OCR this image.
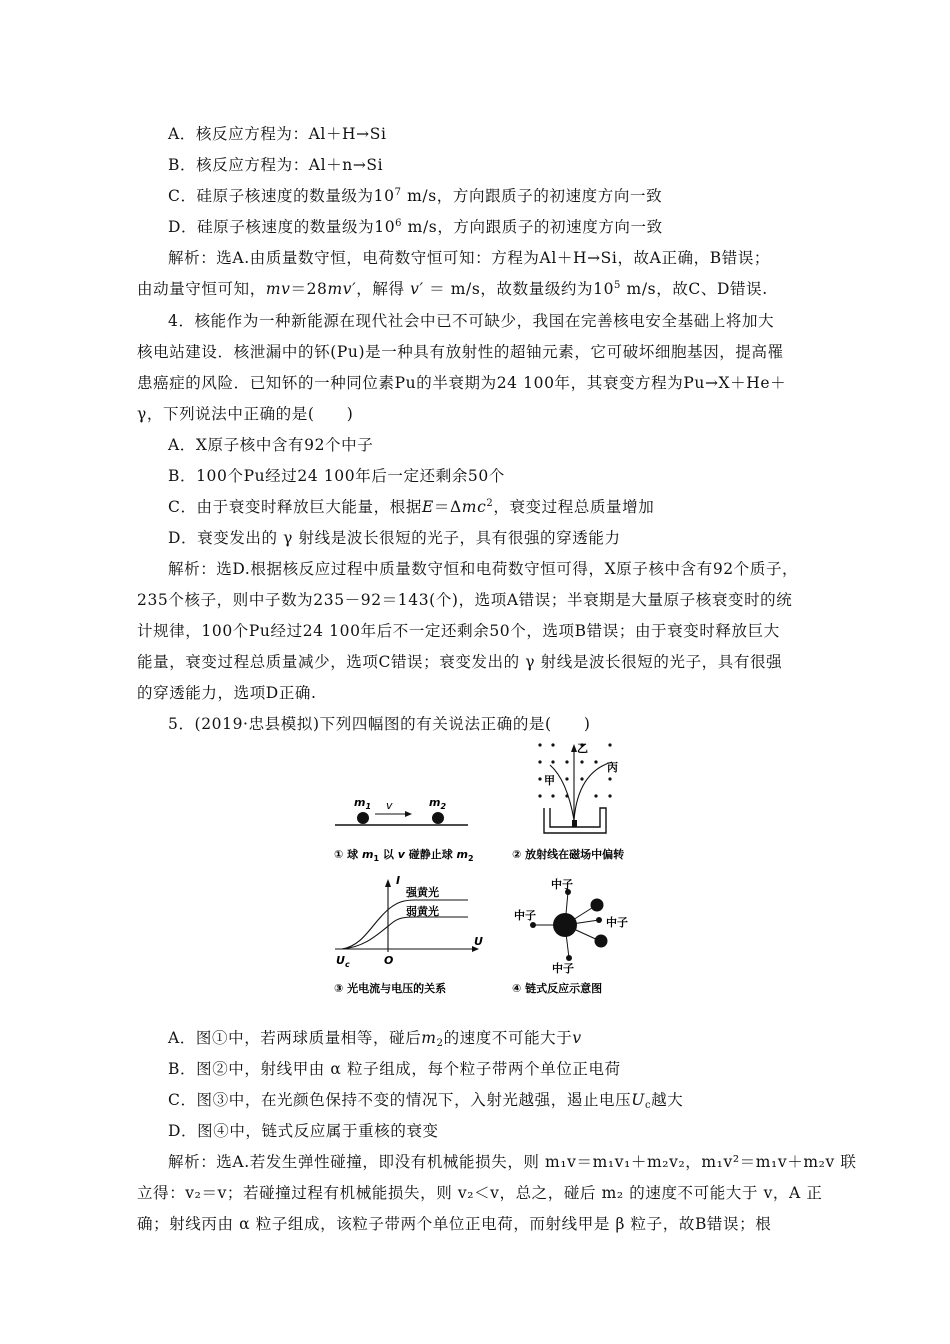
A．核反应方程为：Al＋H→Si
B．核反应方程为：Al＋n→Si
C．硅原子核速度的数量级为$10^7$ m/s，方向跟质子的初速度方向一致
D．硅原子核速度的数量级为$10^6$ m/s，方向跟质子的初速度方向一致
解析：选A.由质量数守恒，电荷数守恒可知：方程为Al＋H→Si，故A正确，B错误；
由动量守恒可知，mv＝28mv′，解得 v′ ＝ m/s，故数量级约为$10^5$ m/s，故C、D错误.
4．核能作为一种新能源在现代社会中已不可缺少，我国在完善核电安全基础上将加大
核电站建设．核泄漏中的钚(Pu)是一种具有放射性的超铀元素，它可破坏细胞基因，提高罹
患癌症的风险．已知钚的一种同位素Pu的半衰期为24 100年，其衰变方程为Pu→X＋He＋
γ，下列说法中正确的是(　　)
A．X原子核中含有92个中子
B．100个Pu经过24 100年后一定还剩余50个
C．由于衰变时释放巨大能量，根据E＝Δmc$^2$，衰变过程总质量增加
D．衰变发出的 γ 射线是波长很短的光子，具有很强的穿透能力
解析：选D.根据核反应过程中质量数守恒和电荷数守恒可得，X原子核中含有92个质子，
235个核子，则中子数为235－92＝143(个)，选项A错误；半衰期是大量原子核衰变时的统
计规律，100个Pu经过24 100年后不一定还剩余50个，选项B错误；由于衰变时释放巨大
能量，衰变过程总质量减少，选项C错误；衰变发出的 γ 射线是波长很短的光子，具有很强
的穿透能力，选项D正确.
5．(2019·忠县模拟)下列四幅图的有关说法正确的是(　　)
$m_1$	$m_2$
v
① 球 $m_1$ 以 v 碰静止球 $m_2$
甲
乙
丙
② 放射线在磁场中偏转
I
U
$U_c$	O
强黄光
弱黄光
③ 光电流与电压的关系
中子
中子
中子
中子
④ 链式反应示意图
A．图①中，若两球质量相等，碰后$m_2$的速度不可能大于v
B．图②中，射线甲由 α 粒子组成，每个粒子带两个单位正电荷
C．图③中，在光颜色保持不变的情况下，入射光越强，遏止电压$U_c$越大
D．图④中，链式反应属于重核的衰变
解析：选A.若发生弹性碰撞，即没有机械能损失，则 m₁v＝m₁v₁＋m₂v₂，m₁v²＝m₁v＋m₂v 联
立得：v₂＝v；若碰撞过程有机械能损失，则 v₂＜v，总之，碰后 m₂ 的速度不可能大于 v，A 正
确；射线丙由 α 粒子组成，该粒子带两个单位正电荷，而射线甲是 β 粒子，故B错误；根
